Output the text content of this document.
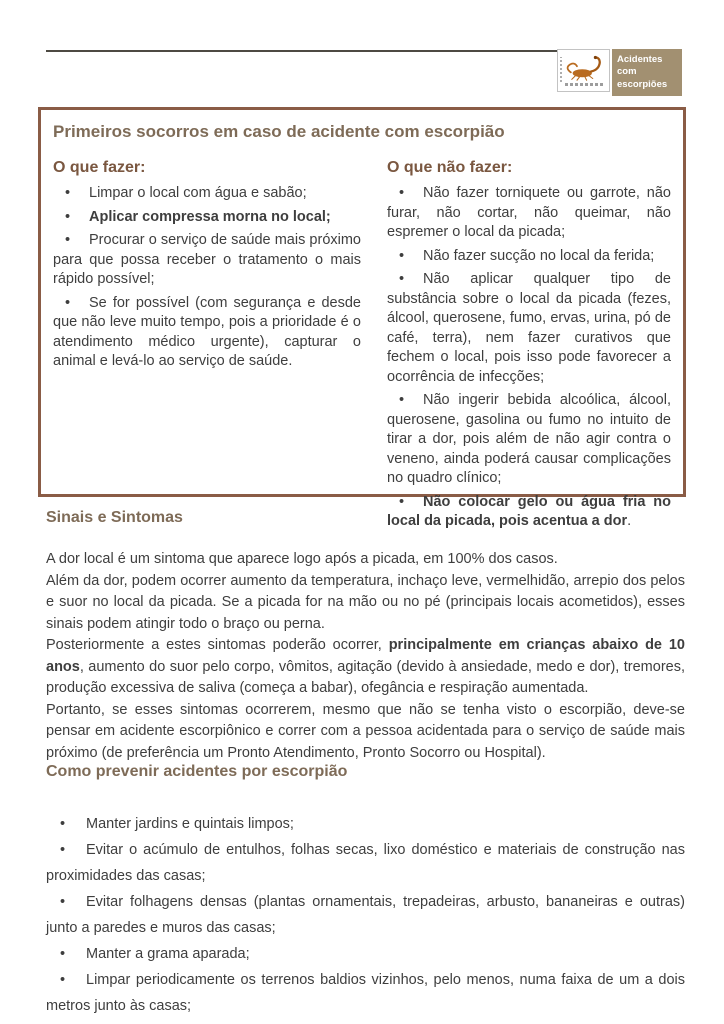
Acidentes com escorpiões
Primeiros socorros em caso de acidente com escorpião

O que fazer:

• Limpar o local com água e sabão;

• Aplicar compressa morna no local;

• Procurar o serviço de saúde mais próximo para que possa receber o tratamento o mais rápido possível;

• Se for possível (com segurança e desde que não leve muito tempo, pois a prioridade é o atendimento médico urgente), capturar o animal e levá-lo ao serviço de saúde.

O que não fazer:

• Não fazer torniquete ou garrote, não furar, não cortar, não queimar, não espremer o local da picada;

• Não fazer sucção no local da ferida;

• Não aplicar qualquer tipo de substância sobre o local da picada (fezes, álcool, querosene, fumo, ervas, urina, pó de café, terra), nem fazer curativos que fechem o local, pois isso pode favorecer a ocorrência de infecções;

• Não ingerir bebida alcoólica, álcool, querosene, gasolina ou fumo no intuito de tirar a dor, pois além de não agir contra o veneno, ainda poderá causar complicações no quadro clínico;

• Não colocar gelo ou água fria no local da picada, pois acentua a dor.

Sinais e Sintomas

A dor local é um sintoma que aparece logo após a picada, em 100% dos casos.

Além da dor, podem ocorrer aumento da temperatura, inchaço leve, vermelhidão, arrepio dos pelos e suor no local da picada. Se a picada for na mão ou no pé (principais locais acometidos), esses sinais podem atingir todo o braço ou perna.

Posteriormente a estes sintomas poderão ocorrer, principalmente em crianças abaixo de 10 anos, aumento do suor pelo corpo, vômitos, agitação (devido à ansiedade, medo e dor), tremores, produção excessiva de saliva (começa a babar), ofegância e respiração aumentada.

Portanto, se esses sintomas ocorrerem, mesmo que não se tenha visto o escorpião, deve-se pensar em acidente escorpiônico e correr com a pessoa acidentada para o serviço de saúde mais próximo (de preferência um Pronto Atendimento, Pronto Socorro ou Hospital).

Como prevenir acidentes por escorpião

• Manter jardins e quintais limpos;

• Evitar o acúmulo de entulhos, folhas secas, lixo doméstico e materiais de construção nas proximidades das casas;

• Evitar folhagens densas (plantas ornamentais, trepadeiras, arbusto, bananeiras e outras) junto a paredes e muros das casas;

• Manter a grama aparada;

• Limpar periodicamente os terrenos baldios vizinhos, pelo menos, numa faixa de um a dois metros junto às casas;
